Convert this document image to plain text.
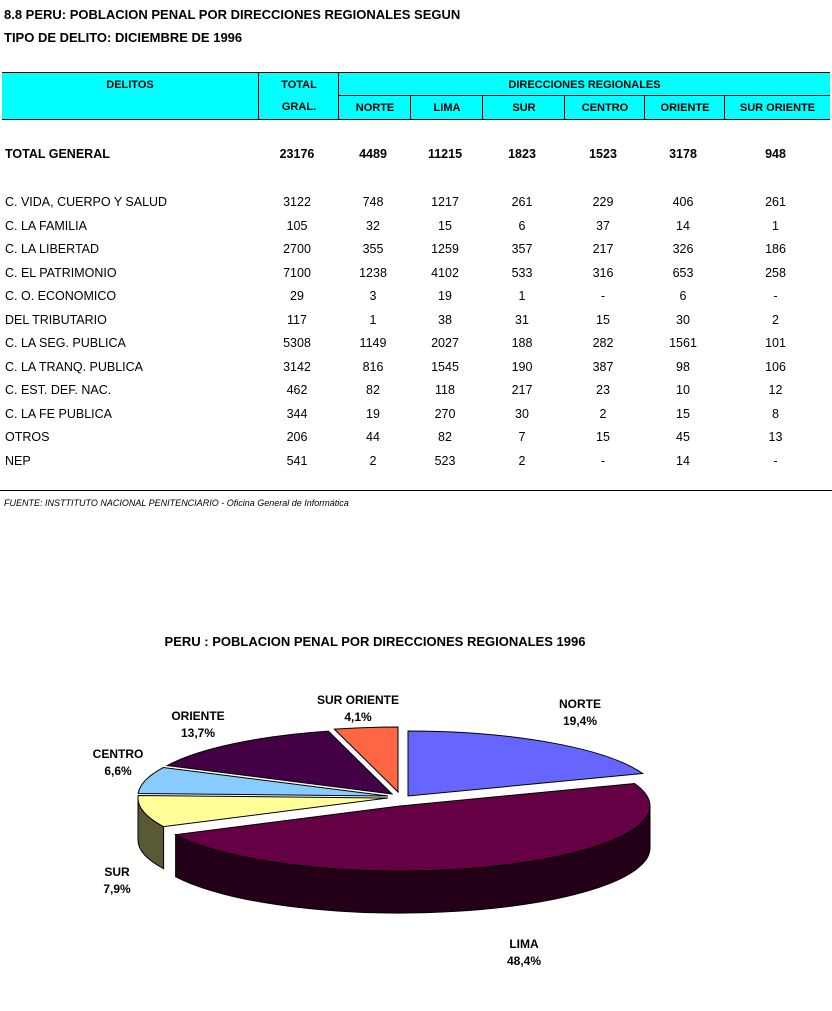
8.8 PERU: POBLACION PENAL POR DIRECCIONES REGIONALES SEGUN
TIPO DE DELITO: DICIEMBRE DE 1996
DELITOS	TOTAL
GRAL.
DIRECCIONES REGIONALES
NORTE	LIMA	SUR	CENTRO	ORIENTE	SUR ORIENTE
TOTAL GENERAL	23176	4489	11215	1823	1523	3178	948
C. VIDA, CUERPO Y SALUD	3122	748	1217	261	229	406	261
C. LA FAMILIA	105	32	15	6	37	14	1
C. LA LIBERTAD	2700	355	1259	357	217	326	186
C. EL PATRIMONIO	7100	1238	4102	533	316	653	258
C. O. ECONOMICO	29	3	19	1	-	6	-
DEL TRIBUTARIO	117	1	38	31	15	30	2
C. LA SEG. PUBLICA	5308	1149	2027	188	282	1561	101
C. LA TRANQ. PUBLICA	3142	816	1545	190	387	98	106
C. EST. DEF. NAC.	462	82	118	217	23	10	12
C. LA FE PUBLICA	344	19	270	30	2	15	8
OTROS	206	44	82	7	15	45	13
NEP	541	2	523	2	-	14	-
FUENTE: INSTTITUTO NACIONAL PENITENCIARIO - Oficina General de Informática
PERU : POBLACION PENAL POR DIRECCIONES REGIONALES 1996
NORTE
19,4%
LIMA
48,4%
SUR
7,9%
CENTRO
6,6%
ORIENTE
13,7%
SUR ORIENTE
4,1%
